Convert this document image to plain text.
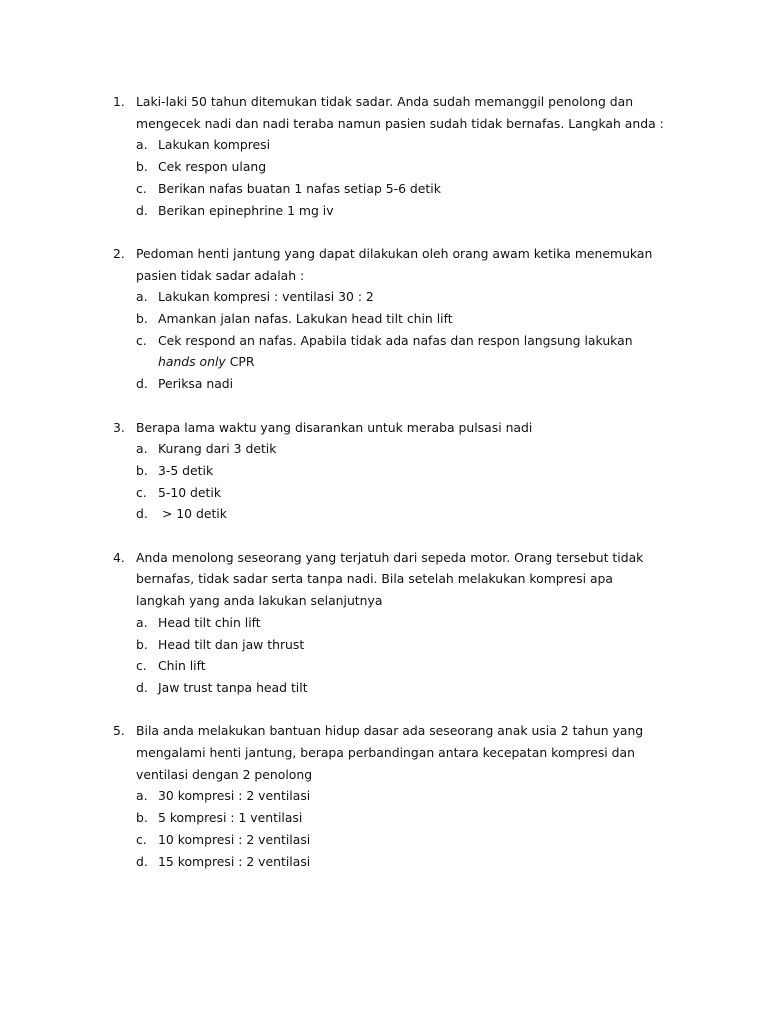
1. Laki-laki 50 tahun ditemukan tidak sadar. Anda sudah memanggil penolong dan mengecek nadi dan nadi teraba namun pasien sudah tidak bernafas. Langkah anda :
a. Lakukan kompresi
b. Cek respon ulang
c. Berikan nafas buatan 1 nafas setiap 5-6 detik
d. Berikan epinephrine 1 mg iv
2. Pedoman henti jantung yang dapat dilakukan oleh orang awam ketika menemukan pasien tidak sadar adalah :
a. Lakukan kompresi : ventilasi 30 : 2
b. Amankan jalan nafas. Lakukan head tilt chin lift
c. Cek respond an nafas. Apabila tidak ada nafas dan respon langsung lakukan hands only CPR
d. Periksa nadi
3. Berapa lama waktu yang disarankan untuk meraba pulsasi nadi
a. Kurang dari 3 detik
b. 3-5 detik
c. 5-10 detik
d. > 10 detik
4. Anda menolong seseorang yang terjatuh dari sepeda motor. Orang tersebut tidak bernafas, tidak sadar serta tanpa nadi. Bila setelah melakukan kompresi apa langkah yang anda lakukan selanjutnya
a. Head tilt chin lift
b. Head tilt dan jaw thrust
c. Chin lift
d. Jaw trust tanpa head tilt
5. Bila anda melakukan bantuan hidup dasar ada seseorang anak usia 2 tahun yang mengalami henti jantung, berapa perbandingan antara kecepatan kompresi dan ventilasi dengan 2 penolong
a. 30 kompresi : 2 ventilasi
b. 5 kompresi : 1 ventilasi
c. 10 kompresi : 2 ventilasi
d. 15 kompresi : 2 ventilasi
